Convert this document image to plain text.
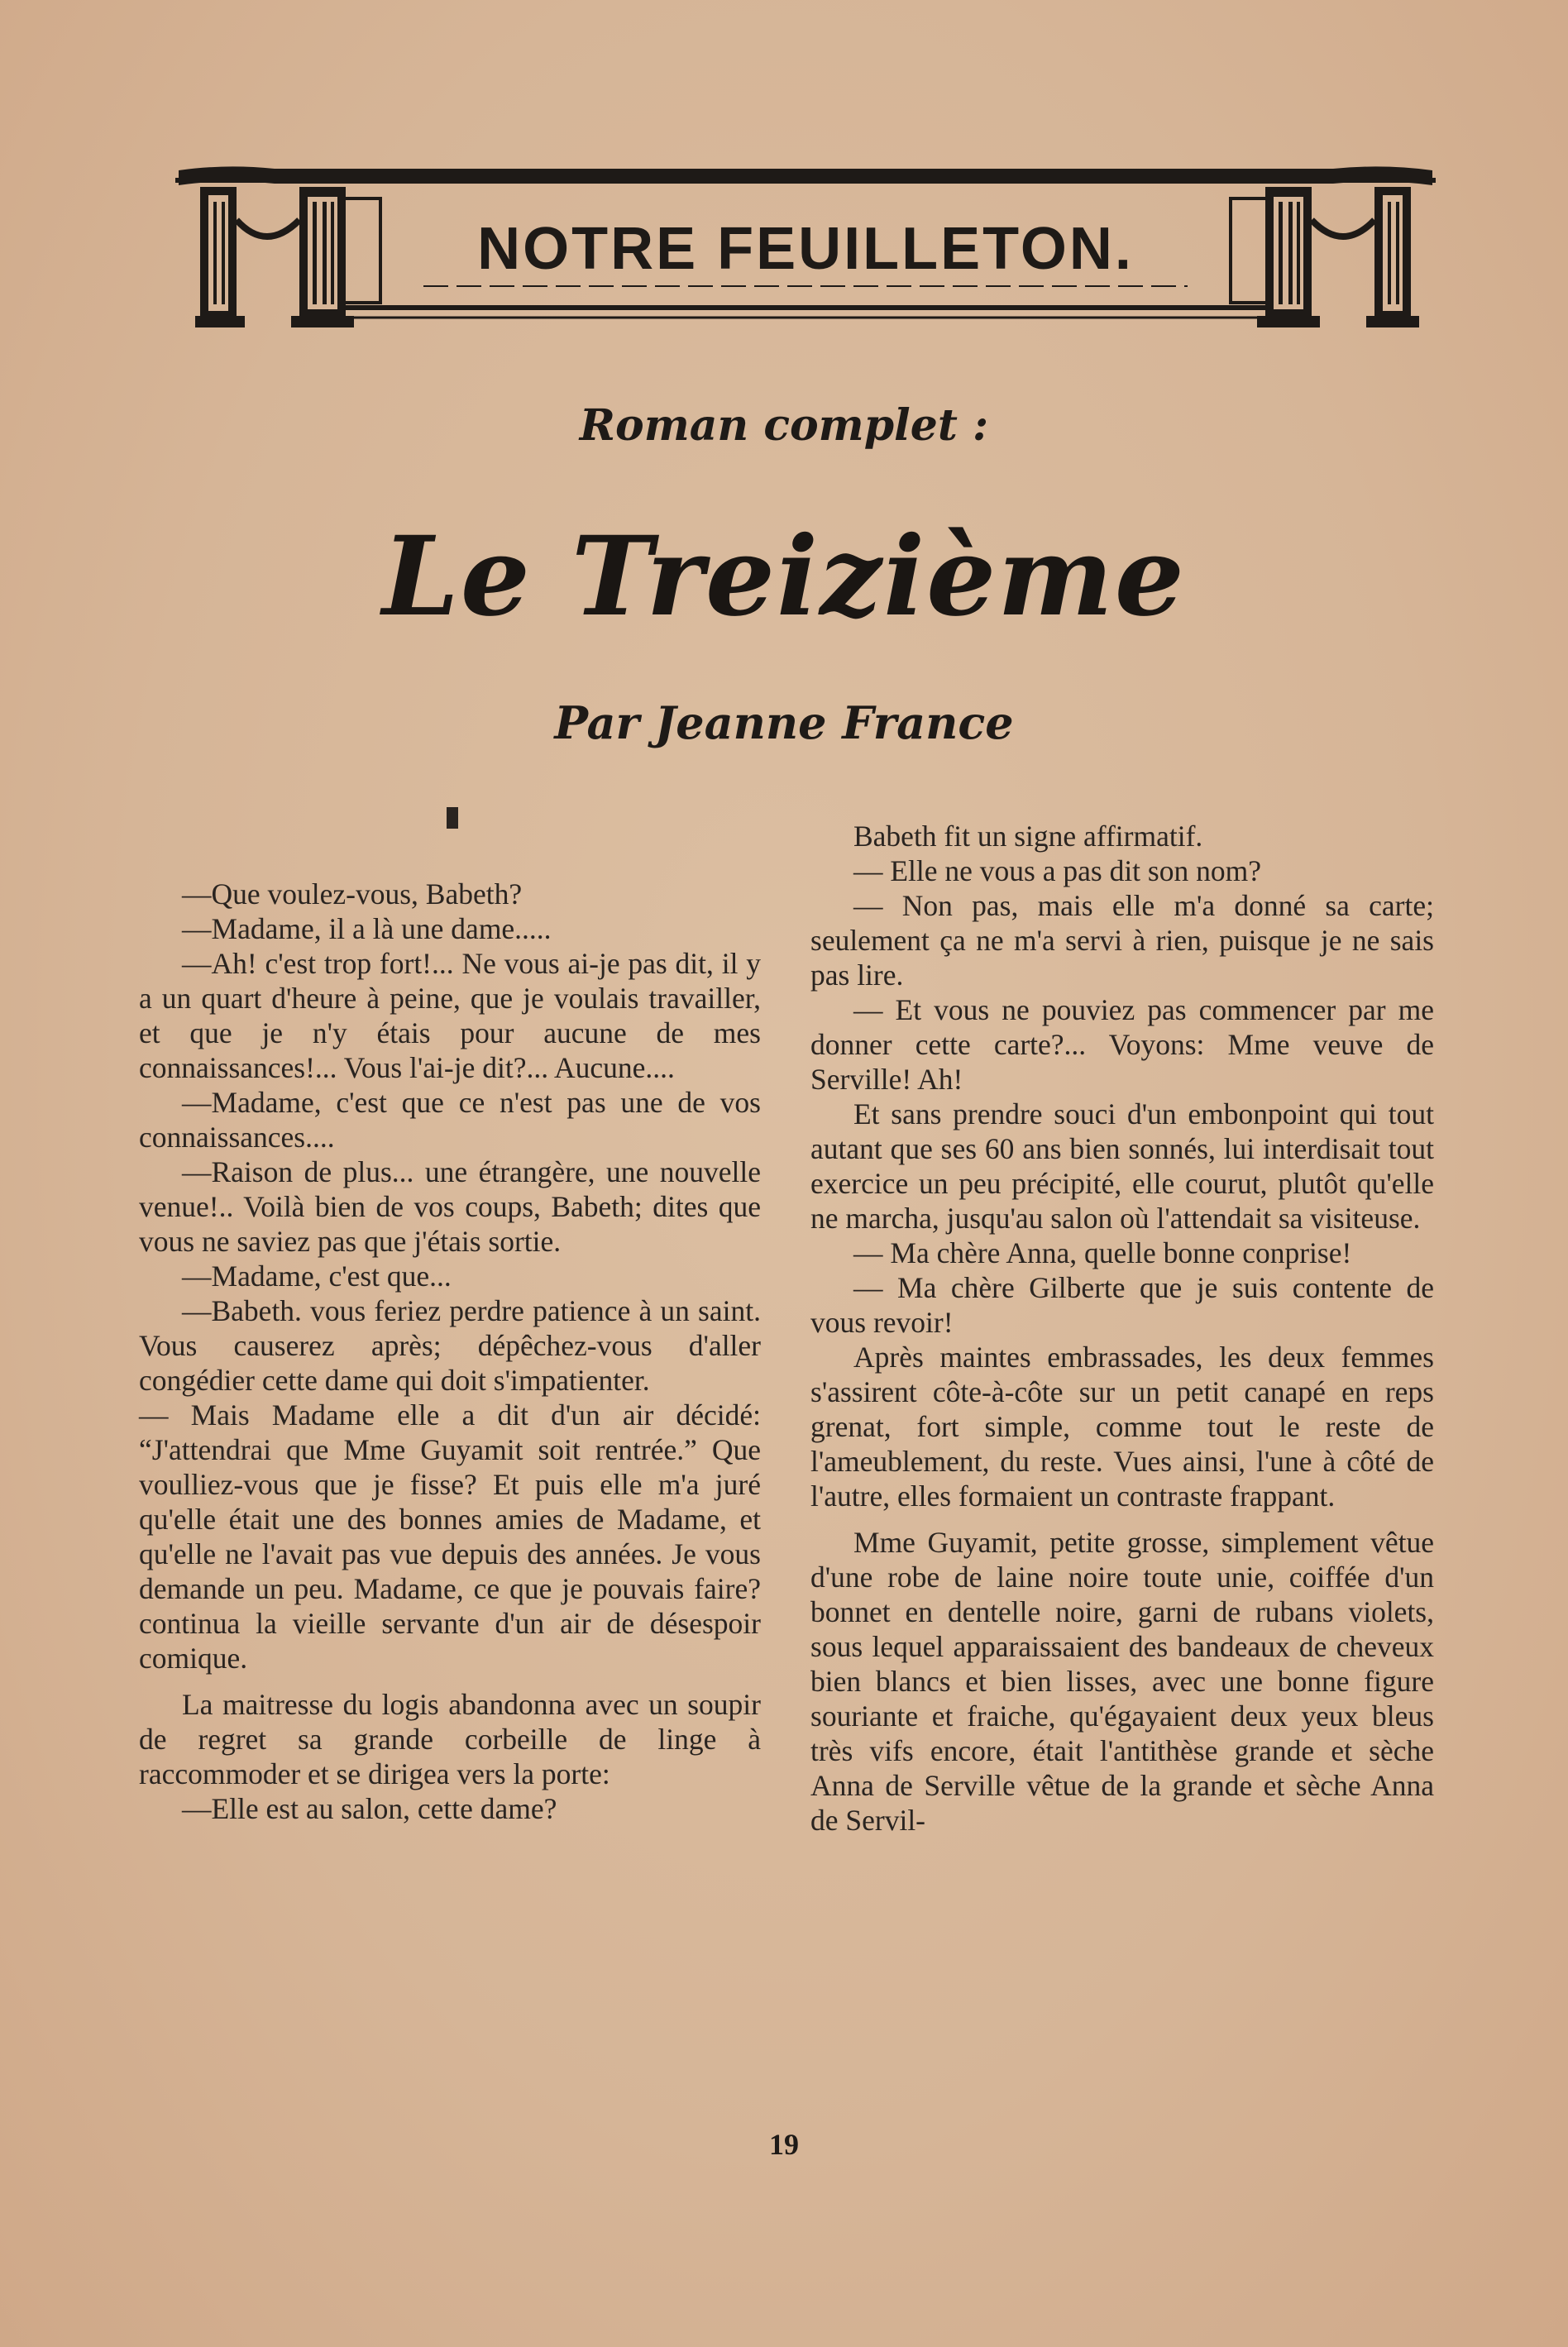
NOTRE FEUILLETON.
Roman complet :
Le Treizième
Par Jeanne France

—Que voulez-vous, Babeth?

—Madame, il a là une dame.....

—Ah! c'est trop fort!... Ne vous ai-je pas dit, il y a un quart d'heure à peine, que je voulais travailler, et que je n'y étais pour aucune de mes connaissances!... Vous l'ai-je dit?... Aucune....

—Madame, c'est que ce n'est pas une de vos connaissances....

—Raison de plus... une étrangère, une nouvelle venue!.. Voilà bien de vos coups, Babeth; dites que vous ne saviez pas que j'étais sortie.

—Madame, c'est que...

—Babeth. vous feriez perdre patience à un saint. Vous causerez après; dépêchez-vous d'aller congédier cette dame qui doit s'impatienter.

— Mais Madame elle a dit d'un air décidé: “J'attendrai que Mme Guyamit soit rentrée.” Que voulliez-vous que je fisse? Et puis elle m'a juré qu'elle était une des bonnes amies de Madame, et qu'elle ne l'avait pas vue depuis des années. Je vous demande un peu. Madame, ce que je pouvais faire? continua la vieille servante d'un air de désespoir comique.

La maitresse du logis abandonna avec un soupir de regret sa grande corbeille de linge à raccommoder et se dirigea vers la porte:

—Elle est au salon, cette dame?

Babeth fit un signe affirmatif.

— Elle ne vous a pas dit son nom?

— Non pas, mais elle m'a donné sa carte; seulement ça ne m'a servi à rien, puisque je ne sais pas lire.

— Et vous ne pouviez pas commencer par me donner cette carte?... Voyons: Mme veuve de Serville! Ah!

Et sans prendre souci d'un embonpoint qui tout autant que ses 60 ans bien sonnés, lui interdisait tout exercice un peu précipité, elle courut, plutôt qu'elle ne marcha, jusqu'au salon où l'attendait sa visiteuse.

— Ma chère Anna, quelle bonne conprise!

— Ma chère Gilberte que je suis contente de vous revoir!

Après maintes embrassades, les deux femmes s'assirent côte-à-côte sur un petit canapé en reps grenat, fort simple, comme tout le reste de l'ameublement, du reste. Vues ainsi, l'une à côté de l'autre, elles formaient un contraste frappant.

Mme Guyamit, petite grosse, simplement vêtue d'une robe de laine noire toute unie, coiffée d'un bonnet en dentelle noire, garni de rubans violets, sous lequel apparaissaient des bandeaux de cheveux bien blancs et bien lisses, avec une bonne figure souriante et fraiche, qu'égayaient deux yeux bleus très vifs encore, était l'antithèse grande et sèche Anna de Serville vêtue de la grande et sèche Anna de Servil-

19
